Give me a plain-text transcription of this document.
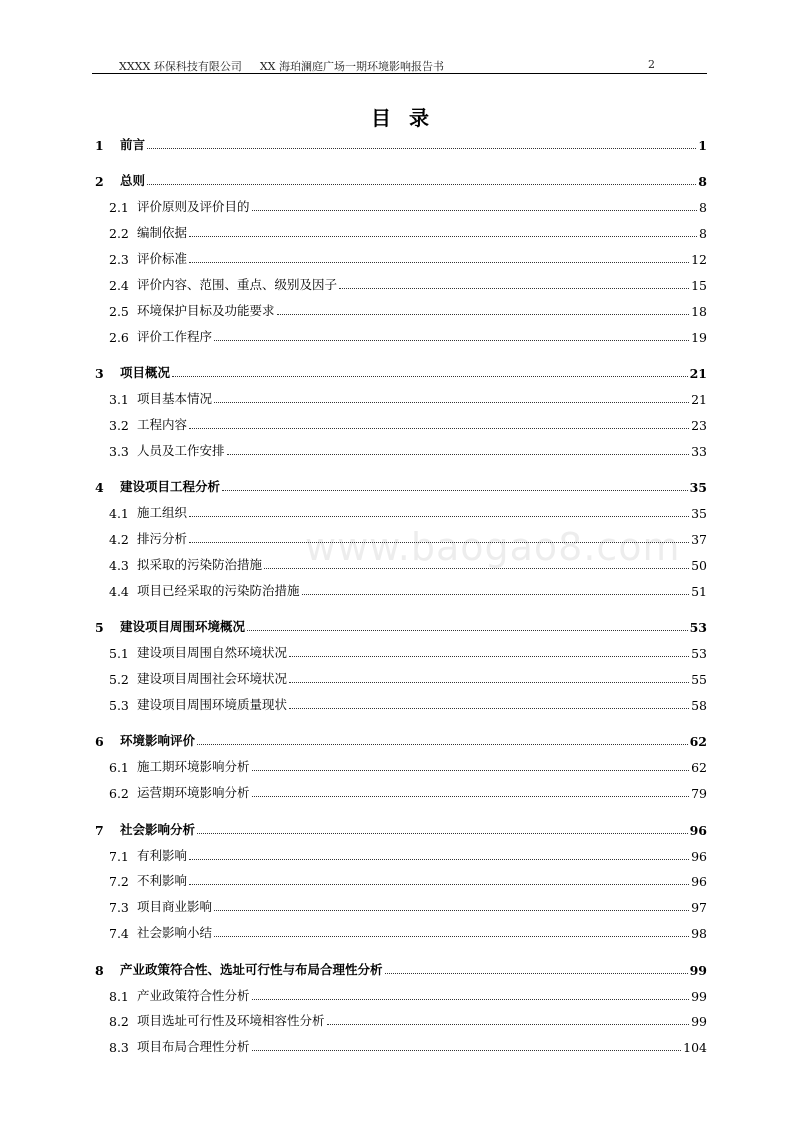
XXXX 环保科技有限公司 XX 海珀澜庭广场一期环境影响报告书	2
目录
www.baogao8.com
1	前言	1
2	总则	8
2.1 评价原则及评价目的	8
2.2 编制依据	8
2.3 评价标准	12
2.4 评价内容、范围、重点、级别及因子	15
2.5 环境保护目标及功能要求	18
2.6 评价工作程序	19
3	项目概况	21
3.1 项目基本情况	21
3.2 工程内容	23
3.3 人员及工作安排	33
4	建设项目工程分析	35
4.1 施工组织	35
4.2 排污分析	37
4.3 拟采取的污染防治措施	50
4.4 项目已经采取的污染防治措施	51
5	建设项目周围环境概况	53
5.1 建设项目周围自然环境状况	53
5.2 建设项目周围社会环境状况	55
5.3 建设项目周围环境质量现状	58
6	环境影响评价	62
6.1 施工期环境影响分析	62
6.2 运营期环境影响分析	79
7	社会影响分析	96
7.1 有利影响	96
7.2 不利影响	96
7.3 项目商业影响	97
7.4 社会影响小结	98
8	产业政策符合性、选址可行性与布局合理性分析	99
8.1 产业政策符合性分析	99
8.2 项目选址可行性及环境相容性分析	99
8.3 项目布局合理性分析	104
